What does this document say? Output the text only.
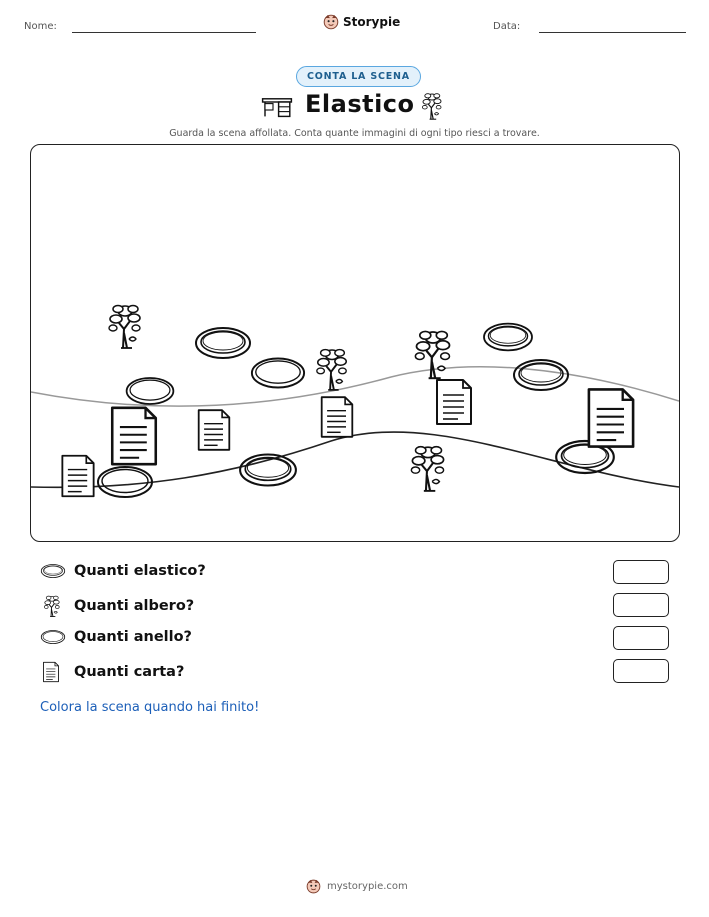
Nome:	Storypie	Data:
CONTA LA SCENA
Elastico
Guarda la scena affollata. Conta quante immagini di ogni tipo riesci a trovare.
Quanti elastico?
Quanti albero?
Quanti anello?
Quanti carta?
Colora la scena quando hai finito!
mystorypie.com
